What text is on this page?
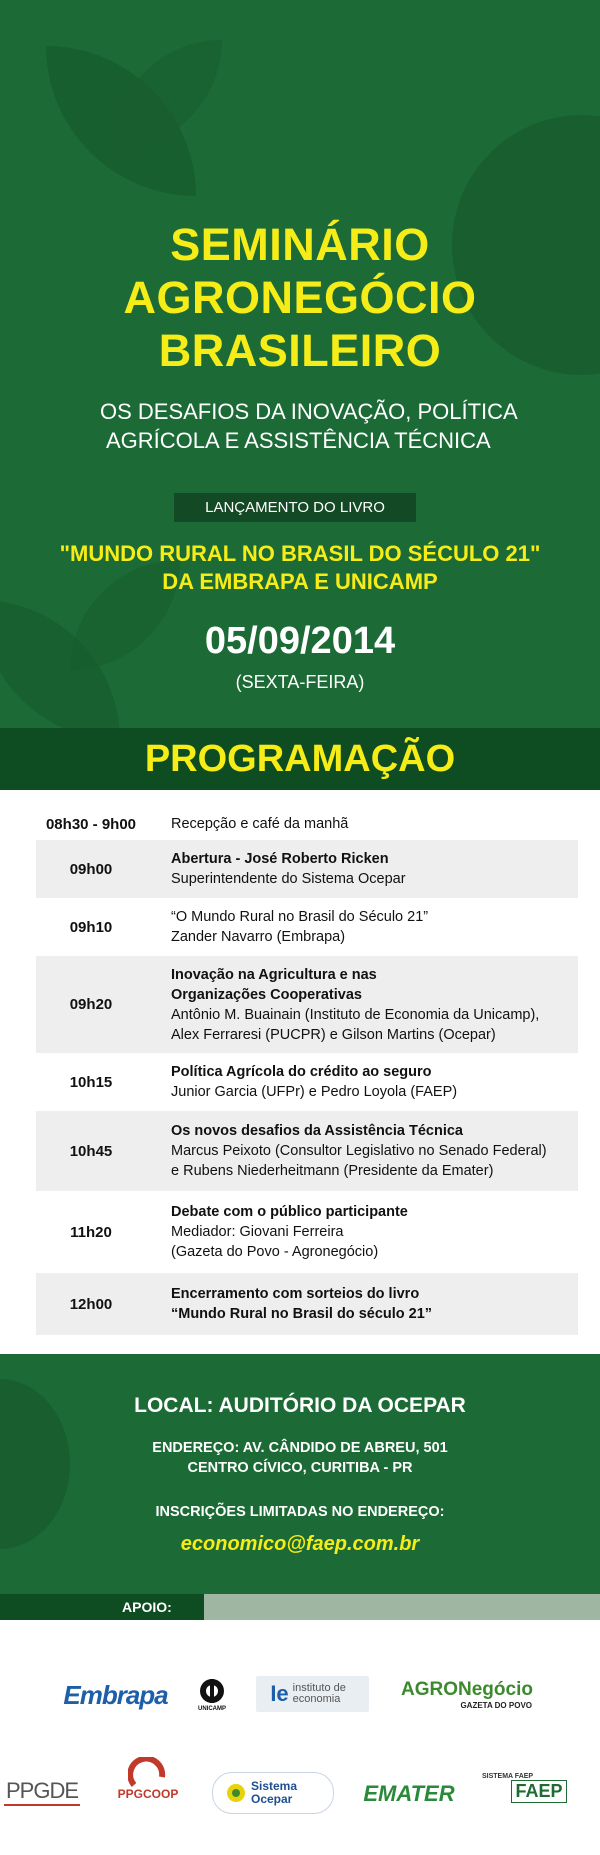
SEMINÁRIO
AGRONEGÓCIO
BRASILEIRO

OS DESAFIOS DA INOVAÇÃO, POLÍTICA
AGRÍCOLA E ASSISTÊNCIA TÉCNICA

LANÇAMENTO DO LIVRO
"MUNDO RURAL NO BRASIL DO SÉCULO 21"
DA EMBRAPA E UNICAMP
05/09/2014
(SEXTA-FEIRA)
PROGRAMAÇÃO
08h30 - 9h00	Recepção e café da manhã
09h00
Abertura - José Roberto Ricken
Superintendente do Sistema Ocepar
09h10
“O Mundo Rural no Brasil do Século 21”
Zander Navarro (Embrapa)
09h20
Inovação na Agricultura e nas Organizações Cooperativas
Antônio M. Buainain (Instituto de Economia da Unicamp),
Alex Ferraresi (PUCPR) e Gilson Martins (Ocepar)
10h15
Política Agrícola do crédito ao seguro
Junior Garcia (UFPr) e Pedro Loyola (FAEP)
10h45
Os novos desafios da Assistência Técnica
Marcus Peixoto (Consultor Legislativo no Senado Federal)
e Rubens Niederheitmann (Presidente da Emater)
11h20
Debate com o público participante
Mediador: Giovani Ferreira
(Gazeta do Povo - Agronegócio)
12h00
Encerramento com sorteios do livro
“Mundo Rural no Brasil do século 21”
LOCAL: AUDITÓRIO DA OCEPAR
ENDEREÇO: AV. CÂNDIDO DE ABREU, 501
CENTRO CÍVICO, CURITIBA - PR
INSCRIÇÕES LIMITADAS NO ENDEREÇO:
economico@faep.com.br
APOIO:
Embrapa	UNICAMP
Ie instituto de economia	AGRONegócio
GAZETA DO POVO
PPGDE	PPGCOOP
Sistema Ocepar	EMATER
SISTEMA FAEP
FAEP
